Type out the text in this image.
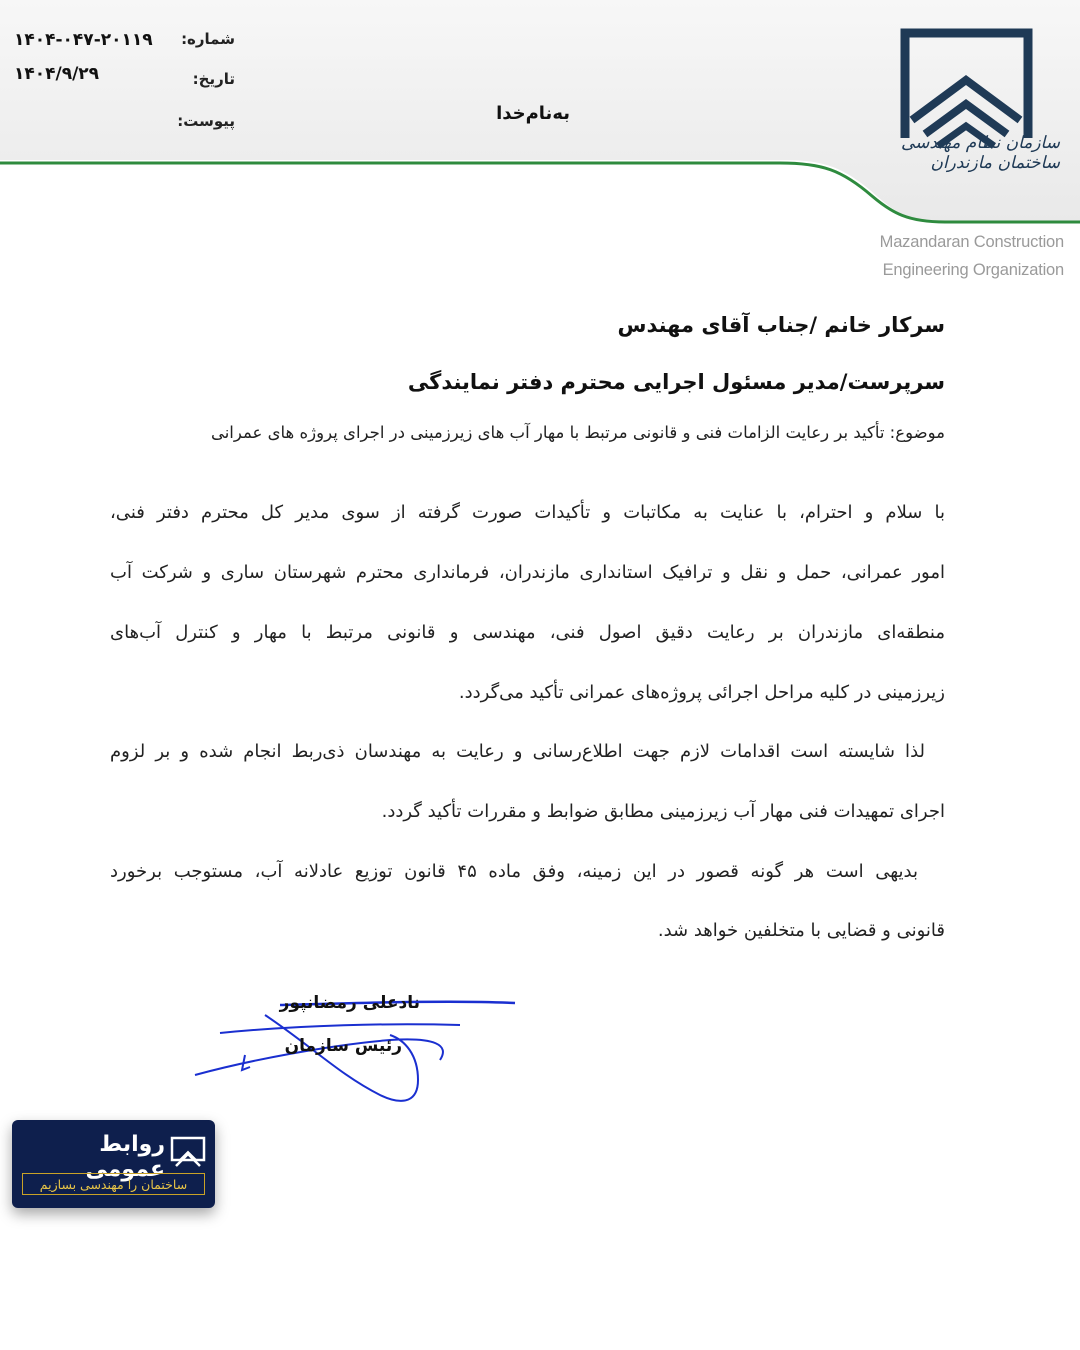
شماره:
۱۴۰۴-۰۴۷-۲۰۱۱۹
تاریخ:
۱۴۰۴/۹/۲۹
پیوست:	به‌نام‌خدا
سازمان نظام مهندسی ساختمان مازندران
Mazandaran Construction
Engineering Organization
سرکار خانم /جناب آقای مهندس
سرپرست/مدیر مسئول اجرایی محترم دفتر نمایندگی
موضوع: تأکید بر رعایت الزامات فنی و قانونی مرتبط با مهار آب های زیرزمینی در اجرای پروژه های عمرانی
با سلام و احترام، با عنایت به مکاتبات و تأکیدات صورت گرفته از سوی مدیر کل محترم دفتر فنی،
امور عمرانی، حمل و نقل و ترافیک استانداری مازندران، فرمانداری محترم شهرستان ساری و شرکت آب
منطقه‌ای مازندران بر رعایت دقیق اصول فنی، مهندسی و قانونی مرتبط با مهار و کنترل آب‌های
زیرزمینی در کلیه مراحل اجرائی پروژه‌های عمرانی تأکید می‌گردد.
لذا شایسته است اقدامات لازم جهت اطلاع‌رسانی و رعایت به مهندسان ذی‌ربط انجام شده و بر لزوم
اجرای تمهیدات فنی مهار آب زیرزمینی مطابق ضوابط و مقررات تأکید گردد.
بدیهی است هر گونه قصور در این زمینه، وفق ماده ۴۵ قانون توزیع عادلانه آب، مستوجب برخورد
قانونی و قضایی با متخلفین خواهد شد.
نادعلی رمضانپور
رئیس سازمان
روابط عمومی
ساختمان را مهندسی بسازیم
